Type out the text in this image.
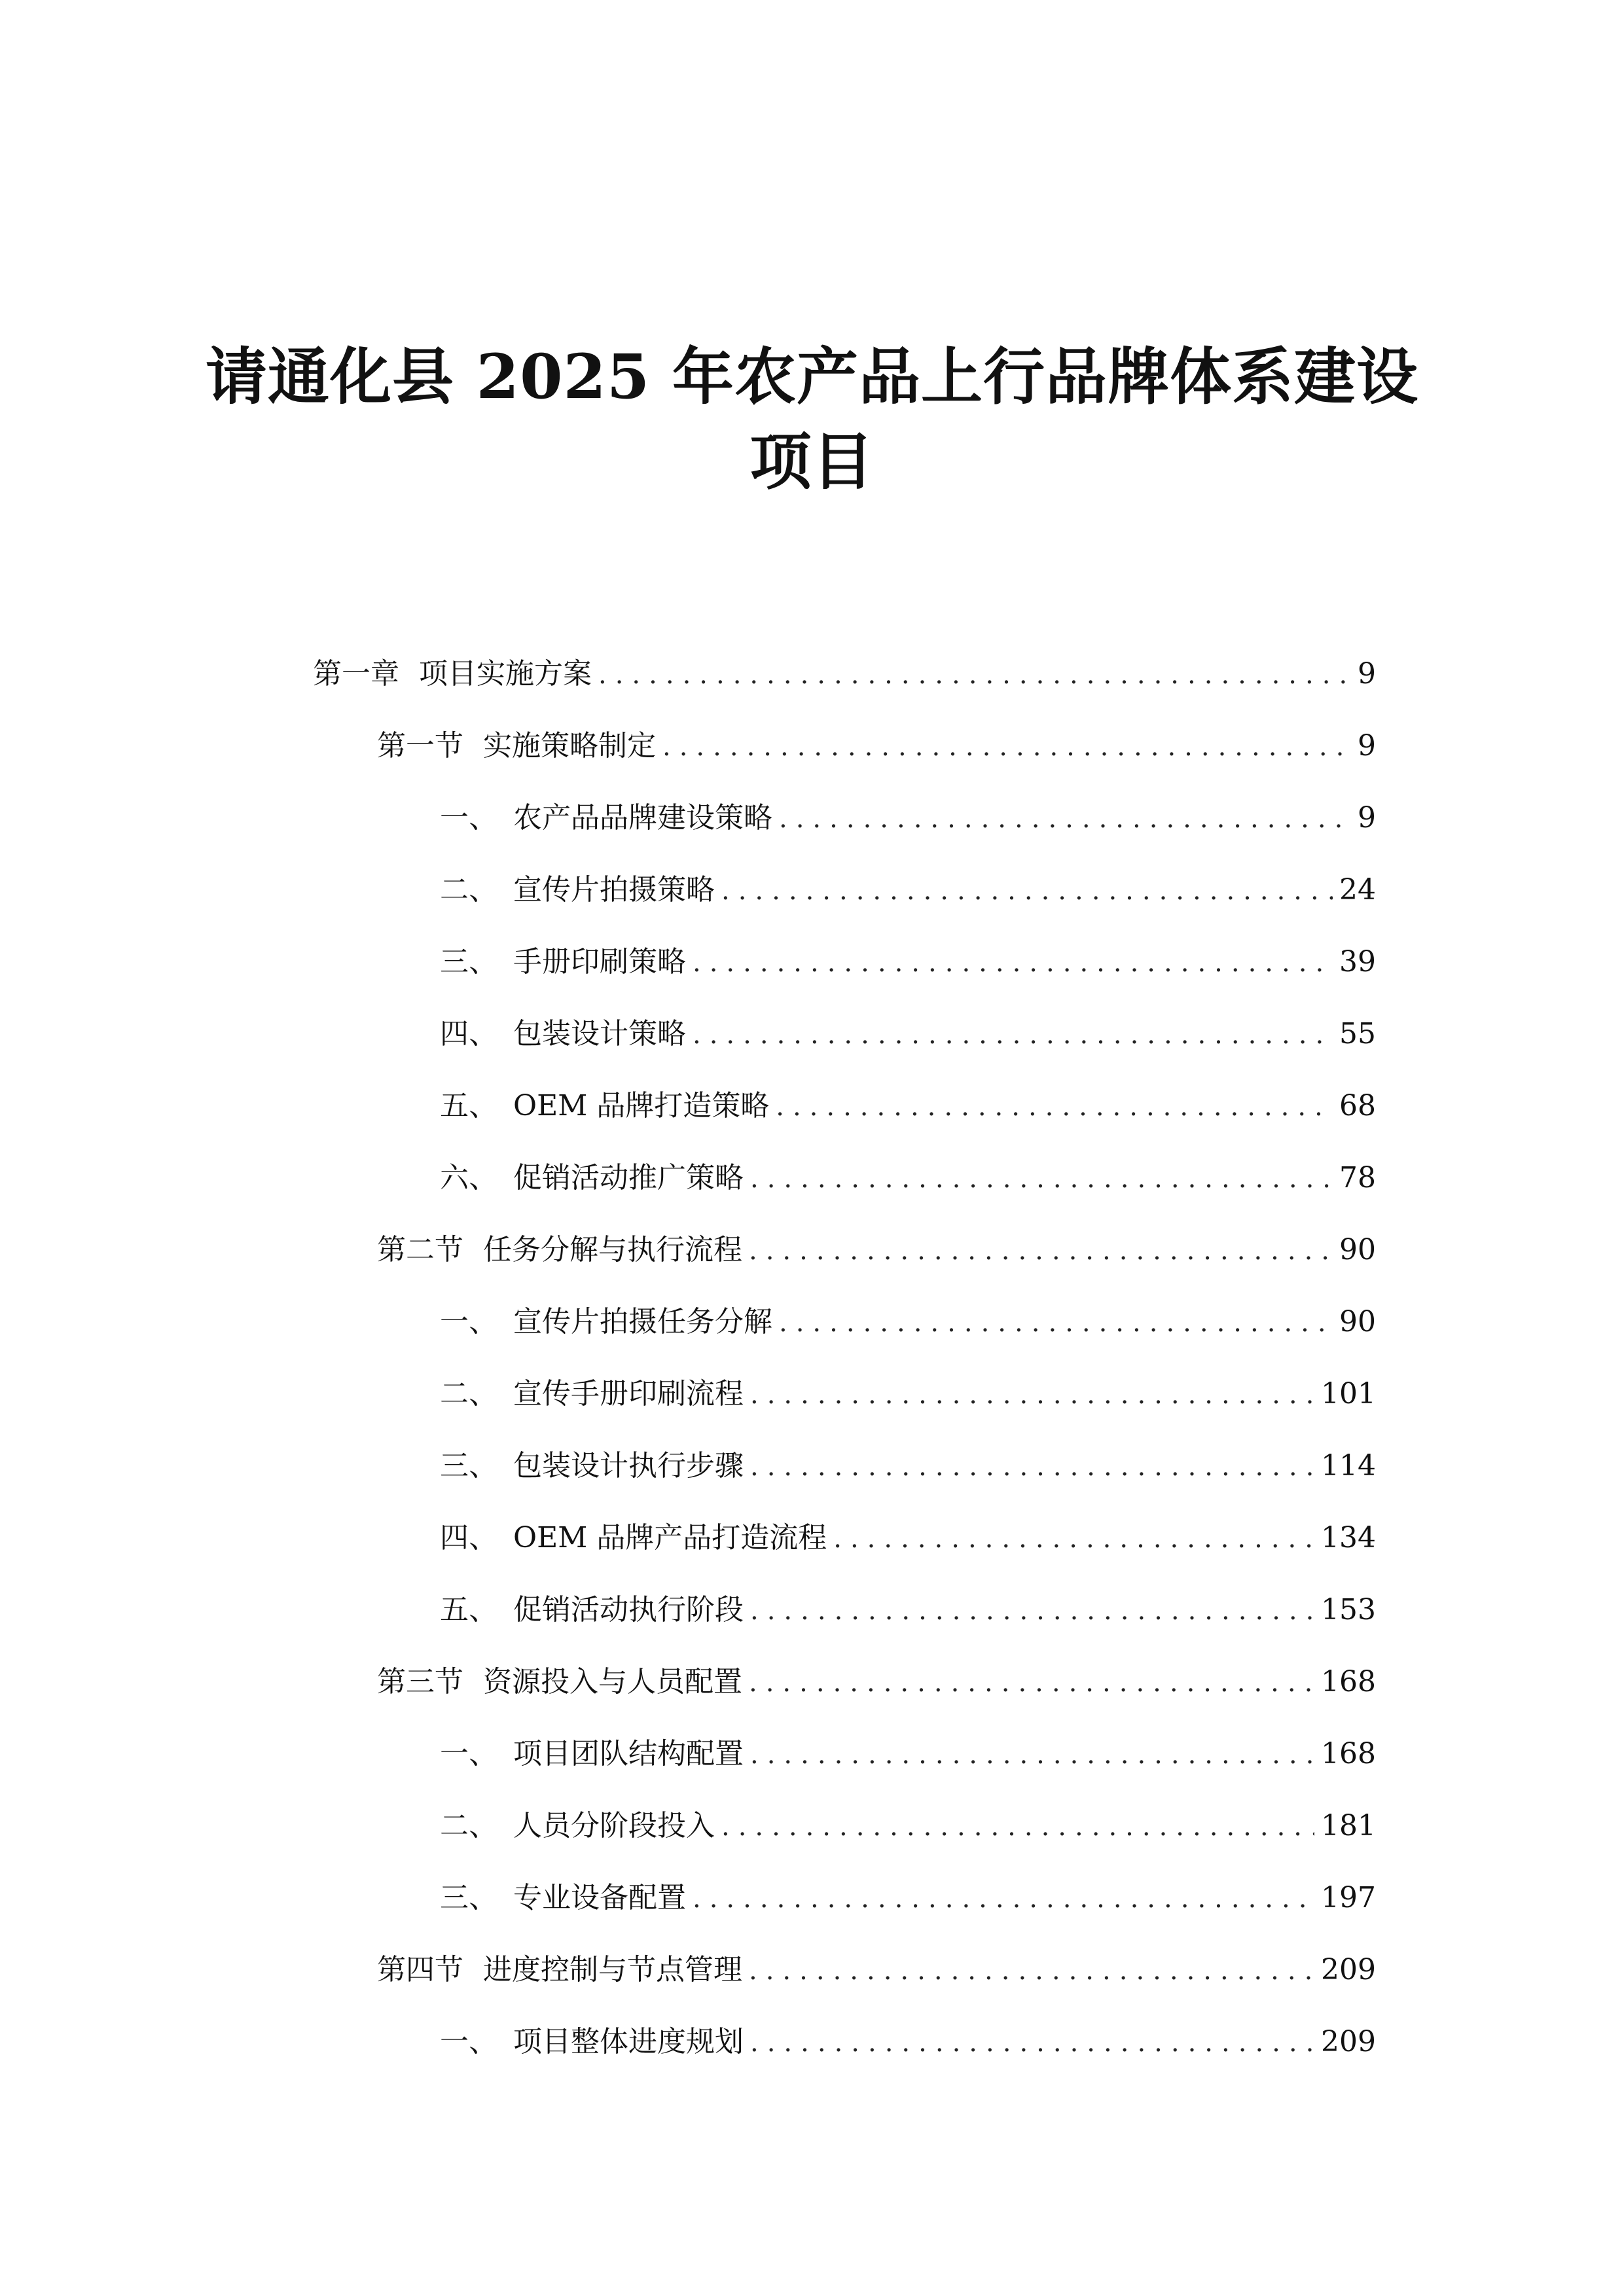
请通化县 2025 年农产品上行品牌体系建设
项目
第一章 项目实施方案 .....	9
第一节 实施策略制定 .....	9
一、 农产品品牌建设策略 .....	9
二、 宣传片拍摄策略 .....	24
三、 手册印刷策略 .....	39
四、 包装设计策略 .....	55
五、 OEM 品牌打造策略 .....	68
六、 促销活动推广策略 .....	78
第二节 任务分解与执行流程 .....	90
一、 宣传片拍摄任务分解 .....	90
二、 宣传手册印刷流程 .....	101
三、 包装设计执行步骤 .....	114
四、 OEM 品牌产品打造流程 .....	134
五、 促销活动执行阶段 .....	153
第三节 资源投入与人员配置 .....	168
一、 项目团队结构配置 .....	168
二、 人员分阶段投入 .....	181
三、 专业设备配置 .....	197
第四节 进度控制与节点管理 .....	209
一、 项目整体进度规划 .....	209
